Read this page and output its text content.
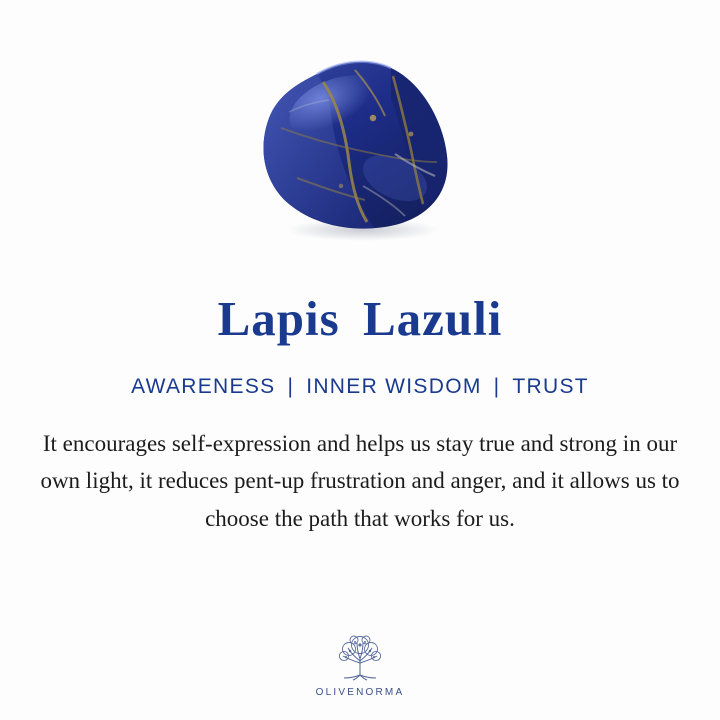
Lapis Lazuli
AWARENESS | INNER WISDOM | TRUST

It encourages self-expression and helps us stay true and strong in our own light, it reduces pent-up frustration and anger, and it allows us to choose the path that works for us.

OLIVENORMA
